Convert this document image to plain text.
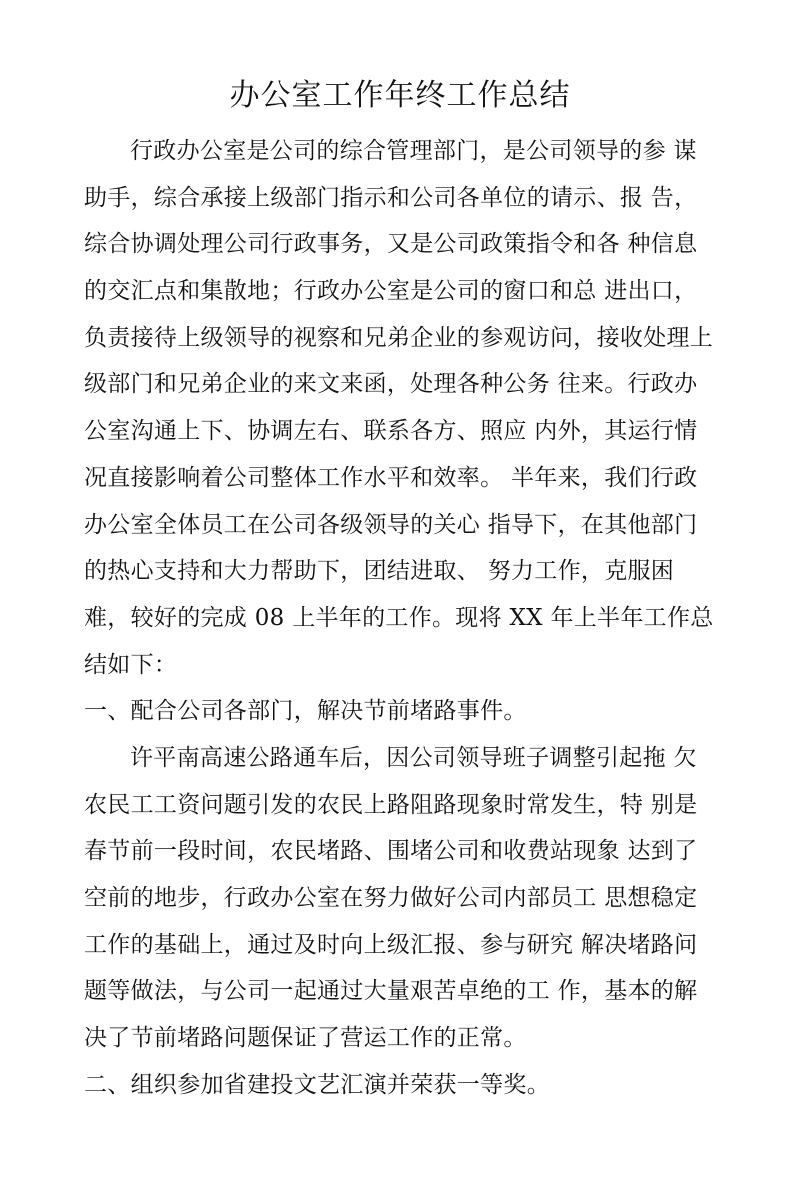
办公室工作年终工作总结
行政办公室是公司的综合管理部门，是公司领导的参 谋
助手，综合承接上级部门指示和公司各单位的请示、报 告，
综合协调处理公司行政事务，又是公司政策指令和各 种信息
的交汇点和集散地；行政办公室是公司的窗口和总 进出口，
负责接待上级领导的视察和兄弟企业的参观访问，接收处理上
级部门和兄弟企业的来文来函，处理各种公务 往来。行政办
公室沟通上下、协调左右、联系各方、照应 内外，其运行情
况直接影响着公司整体工作水平和效率。 半年来，我们行政
办公室全体员工在公司各级领导的关心 指导下，在其他部门
的热心支持和大力帮助下，团结进取、 努力工作，克服困
难，较好的完成 08 上半年的工作。现将 XX 年上半年工作总
结如下：
一、配合公司各部门，解决节前堵路事件。
许平南高速公路通车后，因公司领导班子调整引起拖 欠
农民工工资问题引发的农民上路阻路现象时常发生，特 别是
春节前一段时间，农民堵路、围堵公司和收费站现象 达到了
空前的地步，行政办公室在努力做好公司内部员工 思想稳定
工作的基础上，通过及时向上级汇报、参与研究 解决堵路问
题等做法，与公司一起通过大量艰苦卓绝的工 作，基本的解
决了节前堵路问题保证了营运工作的正常。
二、组织参加省建投文艺汇演并荣获一等奖。
